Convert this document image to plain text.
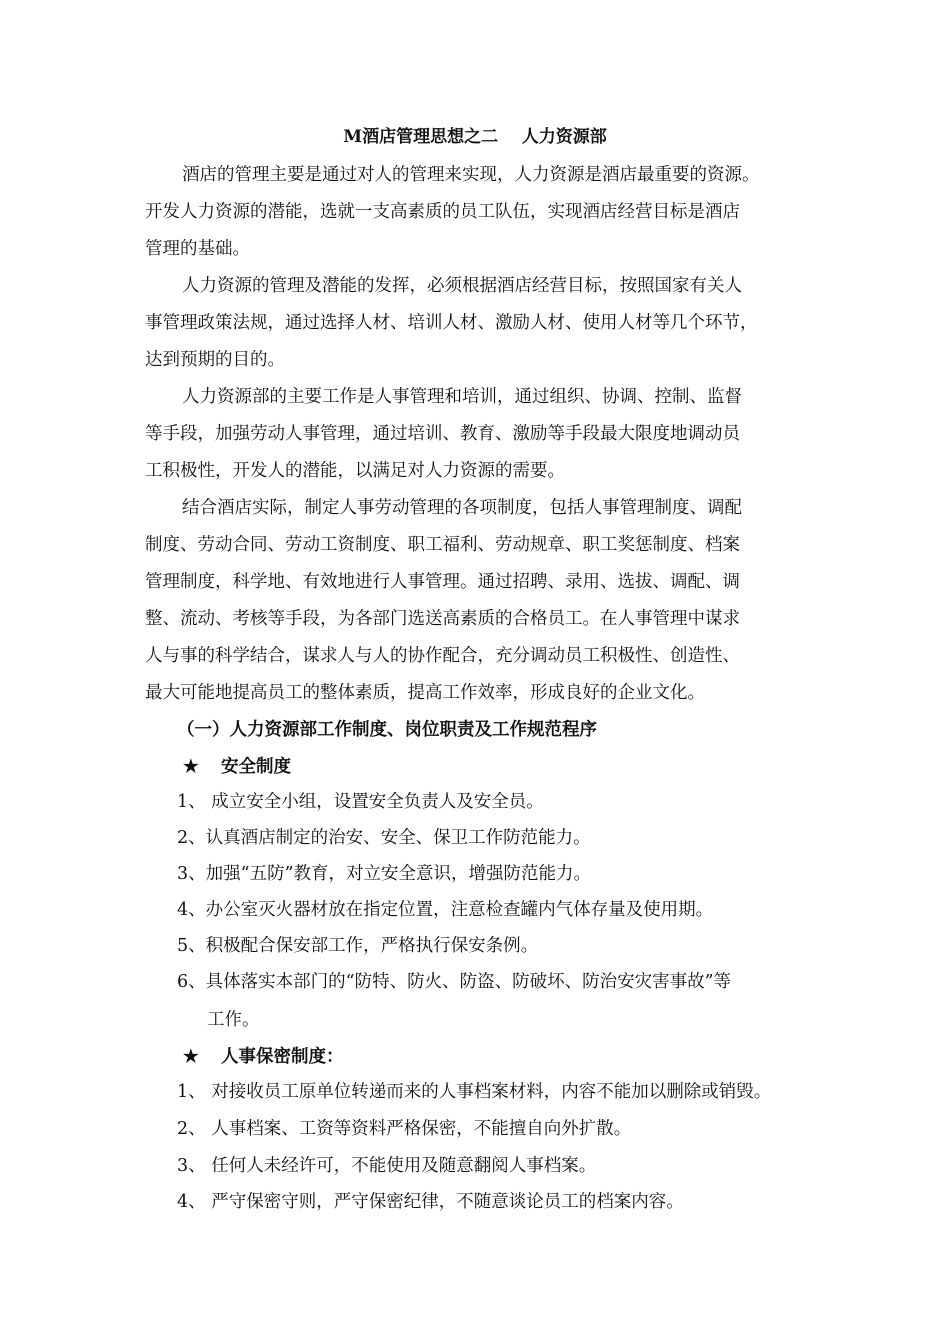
M酒店管理思想之二    人力资源部
酒店的管理主要是通过对人的管理来实现，人力资源是酒店最重要的资源。
开发人力资源的潜能，选就一支高素质的员工队伍，实现酒店经营目标是酒店
管理的基础。
人力资源的管理及潜能的发挥，必须根据酒店经营目标，按照国家有关人
事管理政策法规，通过选择人材、培训人材、激励人材、使用人材等几个环节，
达到预期的目的。
人力资源部的主要工作是人事管理和培训，通过组织、协调、控制、监督
等手段，加强劳动人事管理，通过培训、教育、激励等手段最大限度地调动员
工积极性，开发人的潜能，以满足对人力资源的需要。
结合酒店实际，制定人事劳动管理的各项制度，包括人事管理制度、调配
制度、劳动合同、劳动工资制度、职工福利、劳动规章、职工奖惩制度、档案
管理制度，科学地、有效地进行人事管理。通过招聘、录用、选拔、调配、调
整、流动、考核等手段，为各部门选送高素质的合格员工。在人事管理中谋求
人与事的科学结合，谋求人与人的协作配合，充分调动员工积极性、创造性、
最大可能地提高员工的整体素质，提高工作效率，形成良好的企业文化。
（一）人力资源部工作制度、岗位职责及工作规范程序
★ 安全制度
1、 成立安全小组，设置安全负责人及安全员。
2、认真酒店制定的治安、安全、保卫工作防范能力。
3、加强“五防”教育，对立安全意识，增强防范能力。
4、办公室灭火器材放在指定位置，注意检查罐内气体存量及使用期。
5、积极配合保安部工作，严格执行保安条例。
6、具体落实本部门的“防特、防火、防盗、防破坏、防治安灾害事故”等
工作。
★ 人事保密制度：
1、 对接收员工原单位转递而来的人事档案材料，内容不能加以删除或销毁。
2、 人事档案、工资等资料严格保密，不能擅自向外扩散。
3、 任何人未经许可，不能使用及随意翻阅人事档案。
4、 严守保密守则，严守保密纪律，不随意谈论员工的档案内容。
